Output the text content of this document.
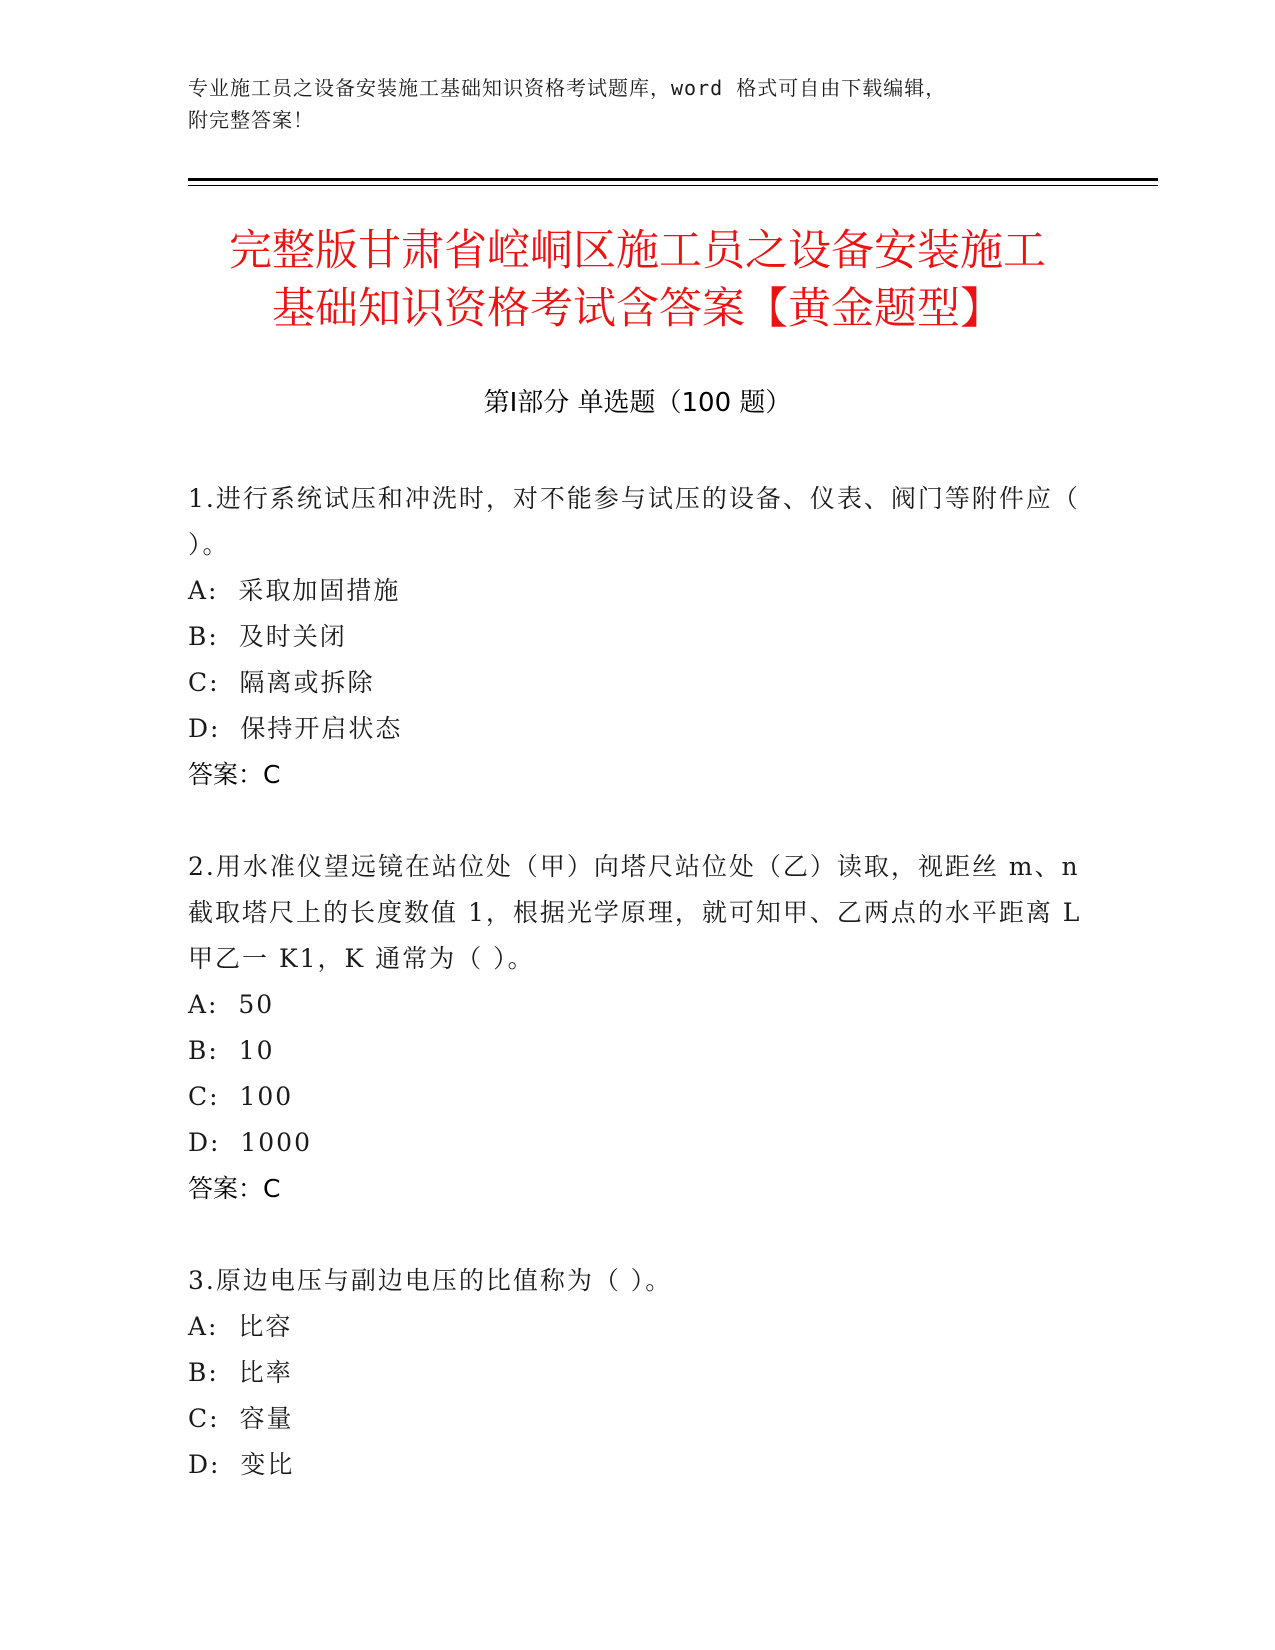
专业施工员之设备安装施工基础知识资格考试题库，word 格式可自由下载编辑，
附完整答案！
完整版甘肃省崆峒区施工员之设备安装施工
基础知识资格考试含答案【黄金题型】
第Ⅰ部分 单选题（100 题）
1.进行系统试压和冲洗时，对不能参与试压的设备、仪表、阀门等附件应（ ）。
A:  采取加固措施
B:  及时关闭
C:  隔离或拆除
D:  保持开启状态
答案：C
2.用水准仪望远镜在站位处（甲）向塔尺站位处（乙）读取，视距丝 m、n 截取塔尺上的长度数值 1，根据光学原理，就可知甲、乙两点的水平距离 L 甲乙一 K1，K 通常为（ ）。
A:  50
B:  10
C:  100
D:  1000
答案：C
3.原边电压与副边电压的比值称为（ ）。
A:  比容
B:  比率
C:  容量
D:  变比
